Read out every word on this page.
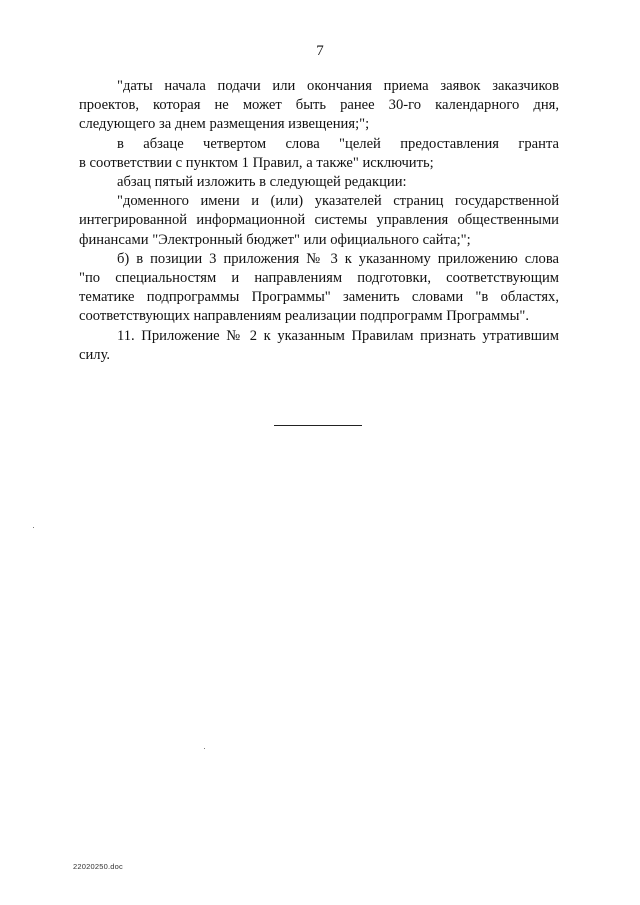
7

"даты начала подачи или окончания приема заявок заказчиков
проектов, которая не может быть ранее 30-го календарного дня,
следующего за днем размещения извещения;";

в абзаце четвертом слова "целей предоставления гранта
в соответствии с пунктом 1 Правил, а также" исключить;

абзац пятый изложить в следующей редакции:

"доменного имени и (или) указателей страниц государственной
интегрированной информационной системы управления общественными
финансами "Электронный бюджет" или официального сайта;";

б) в позиции 3 приложения № 3 к указанному приложению слова
"по специальностям и направлениям подготовки, соответствующим
тематике подпрограммы Программы" заменить словами "в областях,
соответствующих направлениям реализации подпрограмм Программы".

11. Приложение № 2 к указанным Правилам признать утратившим
силу.

22020250.doc
